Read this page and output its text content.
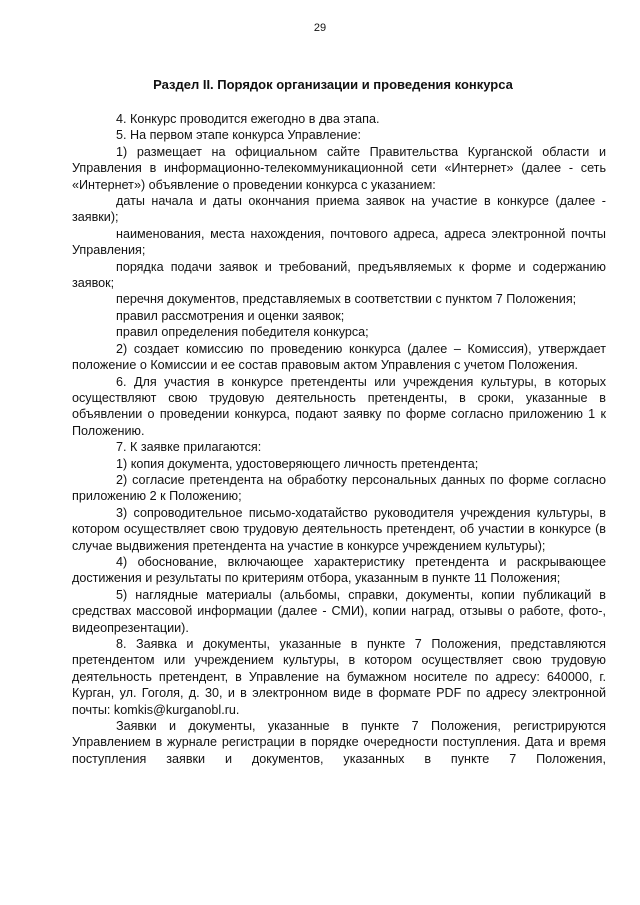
29
Раздел II. Порядок организации и проведения конкурса

4. Конкурс проводится ежегодно в два этапа.

5. На первом этапе конкурса Управление:

1) размещает на официальном сайте Правительства Курганской области и Управления в информационно-телекоммуникационной сети «Интернет» (далее - сеть «Интернет») объявление о проведении конкурса с указанием:

даты начала и даты окончания приема заявок на участие в конкурсе (далее - заявки);

наименования, места нахождения, почтового адреса, адреса электронной почты Управления;

порядка подачи заявок и требований, предъявляемых к форме и содержанию заявок;

перечня документов, представляемых в соответствии с пунктом 7 Положения;

правил рассмотрения и оценки заявок;

правил определения победителя конкурса;

2) создает комиссию по проведению конкурса (далее – Комиссия), утверждает положение о Комиссии и ее состав правовым актом Управления с учетом Положения.

6. Для участия в конкурсе претенденты или учреждения культуры, в которых осуществляют свою трудовую деятельность претенденты, в сроки, указанные в объявлении о проведении конкурса, подают заявку по форме согласно приложению 1 к Положению.

7. К заявке прилагаются:

1) копия документа, удостоверяющего личность претендента;

2) согласие претендента на обработку персональных данных по форме согласно приложению 2 к Положению;

3) сопроводительное письмо-ходатайство руководителя учреждения культуры, в котором осуществляет свою трудовую деятельность претендент, об участии в конкурсе (в случае выдвижения претендента на участие в конкурсе учреждением культуры);

4) обоснование, включающее характеристику претендента и раскрывающее достижения и результаты по критериям отбора, указанным в пункте 11 Положения;

5) наглядные материалы (альбомы, справки, документы, копии публикаций в средствах массовой информации (далее - СМИ), копии наград, отзывы о работе, фото-, видеопрезентации).

8. Заявка и документы, указанные в пункте 7 Положения, представляются претендентом или учреждением культуры, в котором осуществляет свою трудовую деятельность претендент, в Управление на бумажном носителе по адресу: 640000, г. Курган, ул. Гоголя, д. 30, и в электронном виде в формате PDF по адресу электронной почты: komkis@kurganobl.ru.

Заявки и документы, указанные в пункте 7 Положения, регистрируются Управлением в журнале регистрации в порядке очередности поступления. Дата и время поступления заявки и документов, указанных в пункте 7 Положения,
